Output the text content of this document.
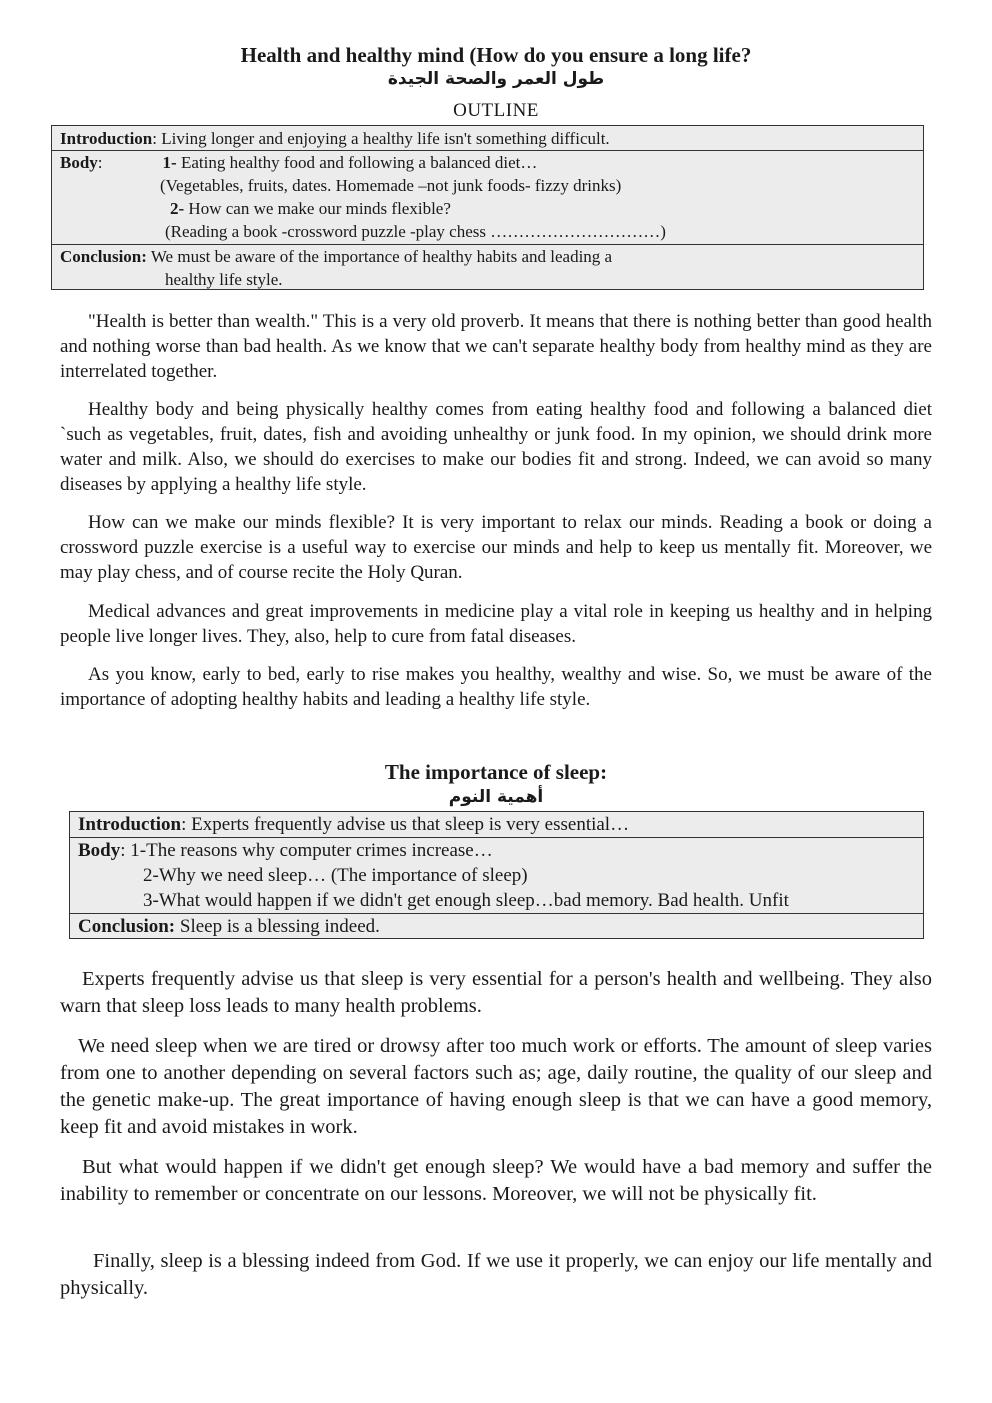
Health and healthy mind (How do you ensure a long life?
طول العمر والصحة الجيدة
OUTLINE
Introduction: Living longer and enjoying a healthy life isn't something difficult.
Body:	1- Eating healthy food and following a balanced diet…
(Vegetables, fruits, dates. Homemade –not junk foods- fizzy drinks)
2- How can we make our minds flexible?
(Reading a book -crossword puzzle -play chess …………………………)
Conclusion: We must be aware of the importance of healthy habits and leading a
healthy life style.

"Health is better than wealth." This is a very old proverb. It means that there is nothing better than good health and nothing worse than bad health. As we know that we can't separate healthy body from healthy mind as they are interrelated together.

Healthy body and being physically healthy comes from eating healthy food and following a balanced diet `such as vegetables, fruit, dates, fish and avoiding unhealthy or junk food. In my opinion, we should drink more water and milk. Also, we should do exercises to make our bodies fit and strong. Indeed, we can avoid so many diseases by applying a healthy life style.

How can we make our minds flexible? It is very important to relax our minds. Reading a book or doing a crossword puzzle exercise is a useful way to exercise our minds and help to keep us mentally fit. Moreover, we may play chess, and of course recite the Holy Quran.

Medical advances and great improvements in medicine play a vital role in keeping us healthy and in helping people live longer lives. They, also, help to cure from fatal diseases.

As you know, early to bed, early to rise makes you healthy, wealthy and wise. So, we must be aware of the importance of adopting healthy habits and leading a healthy life style.

The importance of sleep:
أهمية النوم
Introduction: Experts frequently advise us that sleep is very essential…
Body: 1-The reasons why computer crimes increase…
2-Why we need sleep… (The importance of sleep)
3-What would happen if we didn't get enough sleep…bad memory. Bad health. Unfit
Conclusion: Sleep is a blessing indeed.

Experts frequently advise us that sleep is very essential for a person's health and wellbeing. They also warn that sleep loss leads to many health problems.

We need sleep when we are tired or drowsy after too much work or efforts. The amount of sleep varies from one to another depending on several factors such as; age, daily routine, the quality of our sleep and the genetic make-up. The great importance of having enough sleep is that we can have a good memory, keep fit and avoid mistakes in work.

But what would happen if we didn't get enough sleep? We would have a bad memory and suffer the inability to remember or concentrate on our lessons. Moreover, we will not be physically fit.

Finally, sleep is a blessing indeed from God. If we use it properly, we can enjoy our life mentally and physically.
